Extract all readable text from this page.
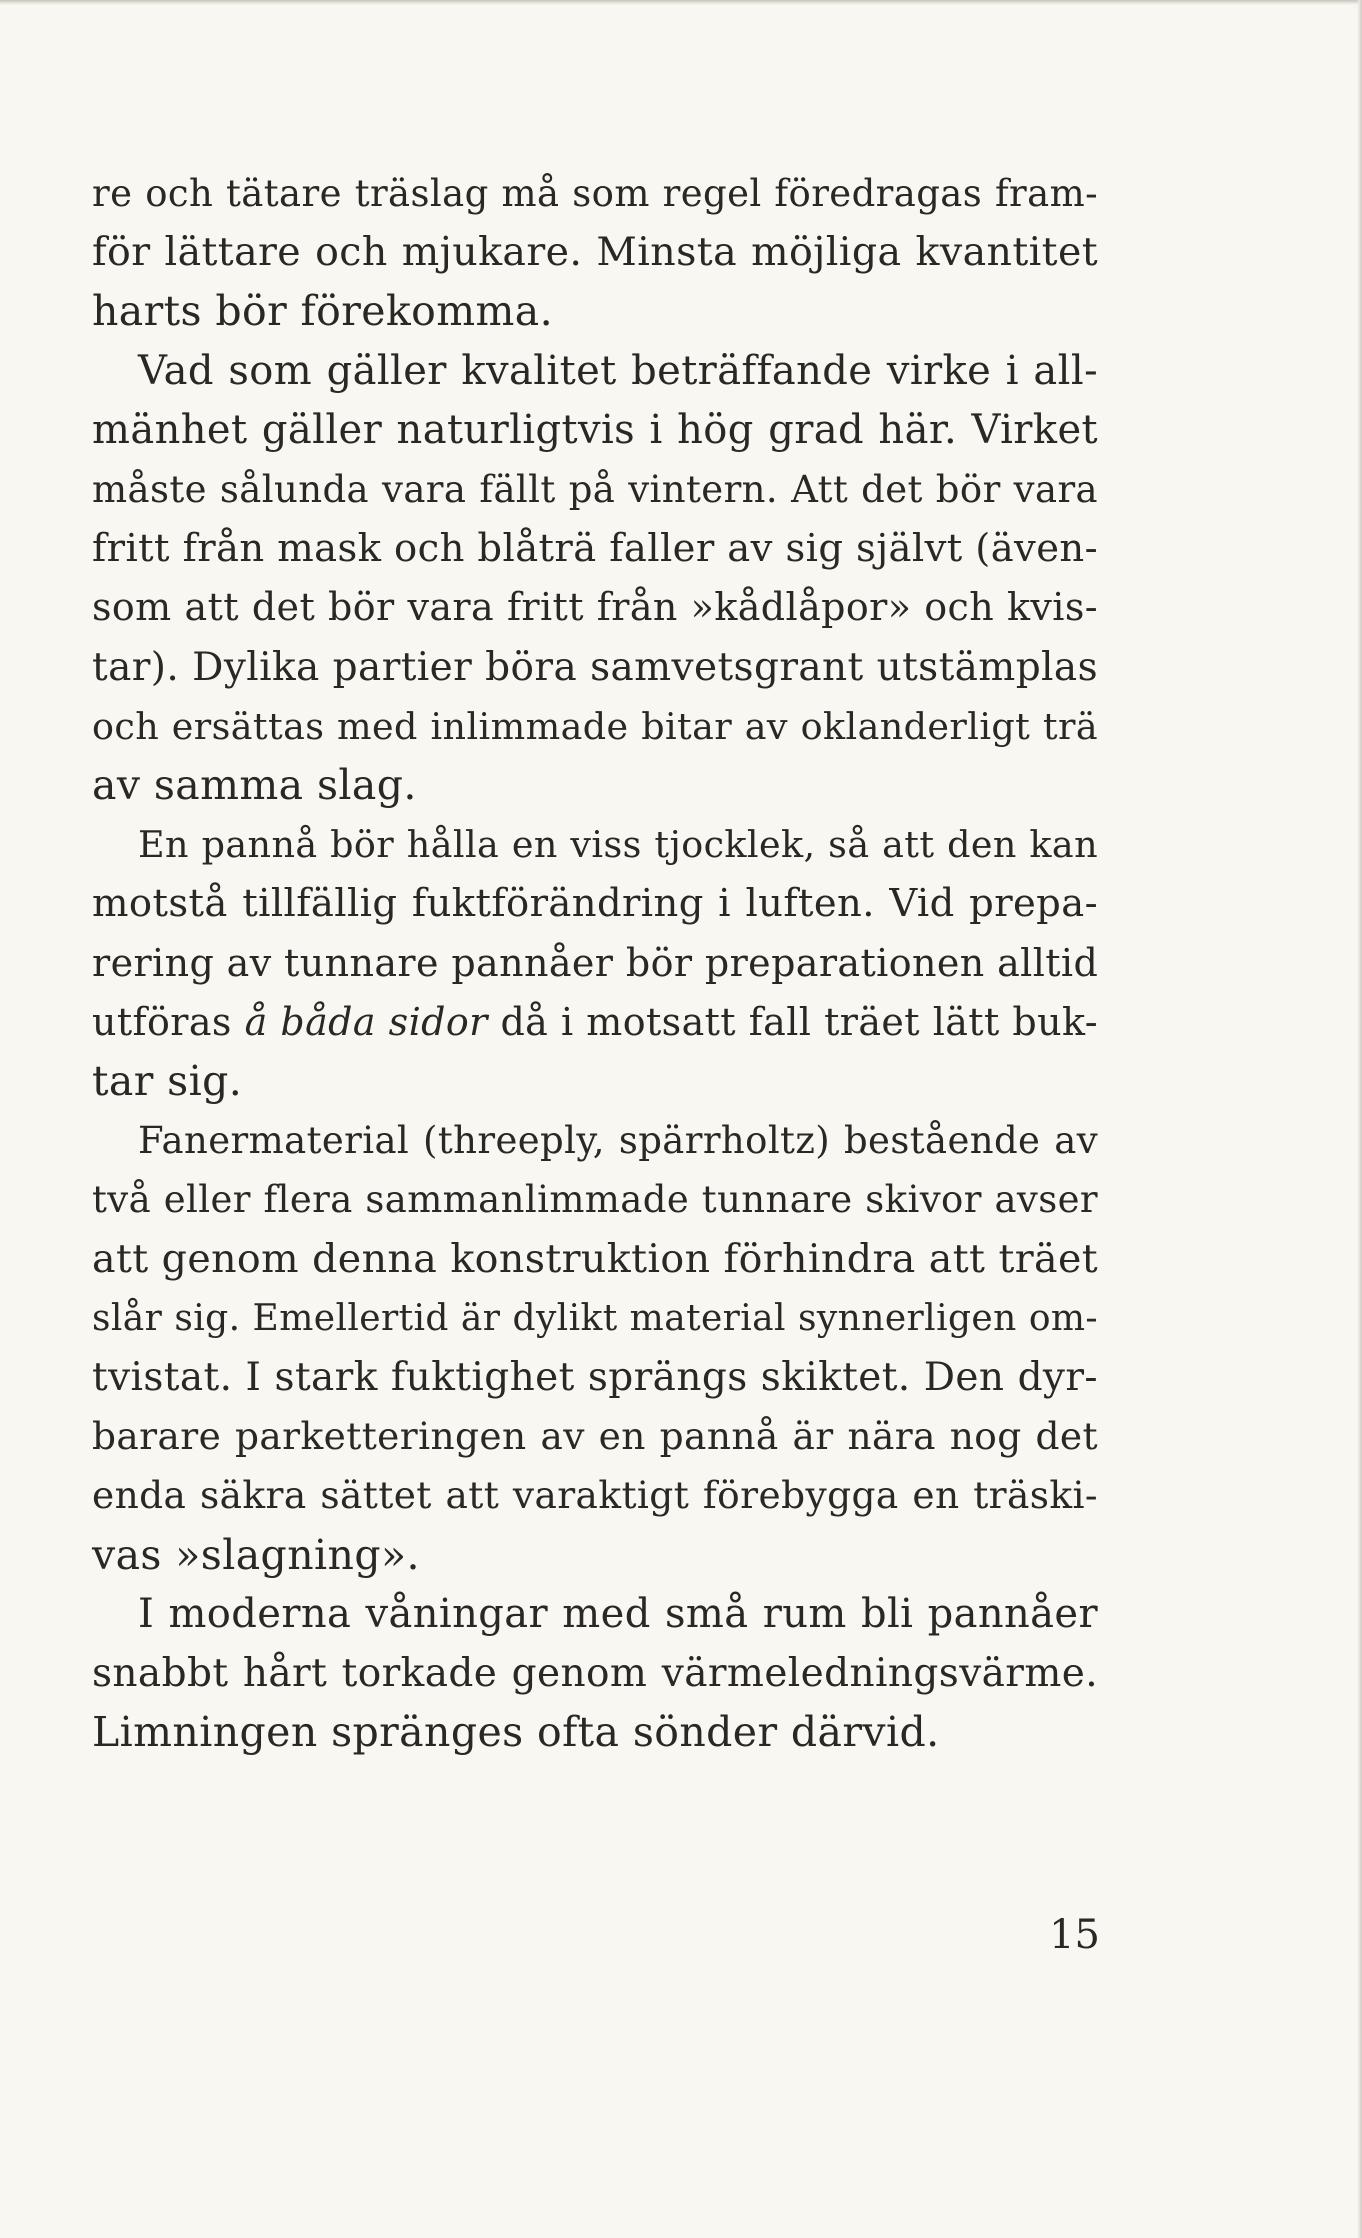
re och tätare träslag må som regel föredragas fram-
för lättare och mjukare. Minsta möjliga kvantitet
harts bör förekomma.

Vad som gäller kvalitet beträffande virke i all-
mänhet gäller naturligtvis i hög grad här. Virket
måste sålunda vara fällt på vintern. Att det bör vara
fritt från mask och blåträ faller av sig självt (även-
som att det bör vara fritt från »kådlåpor» och kvis-
tar). Dylika partier böra samvetsgrant utstämplas
och ersättas med inlimmade bitar av oklanderligt trä
av samma slag.

En pannå bör hålla en viss tjocklek, så att den kan
motstå tillfällig fuktförändring i luften. Vid prepa-
rering av tunnare pannåer bör preparationen alltid
utföras å båda sidor då i motsatt fall träet lätt buk-
tar sig.

Fanermaterial (threeply, spärrholtz) bestående av
två eller flera sammanlimmade tunnare skivor avser
att genom denna konstruktion förhindra att träet
slår sig. Emellertid är dylikt material synnerligen om-
tvistat. I stark fuktighet sprängs skiktet. Den dyr-
barare parketteringen av en pannå är nära nog det
enda säkra sättet att varaktigt förebygga en träski-
vas »slagning».

I moderna våningar med små rum bli pannåer
snabbt hårt torkade genom värmeledningsvärme.
Limningen spränges ofta sönder därvid.

15
